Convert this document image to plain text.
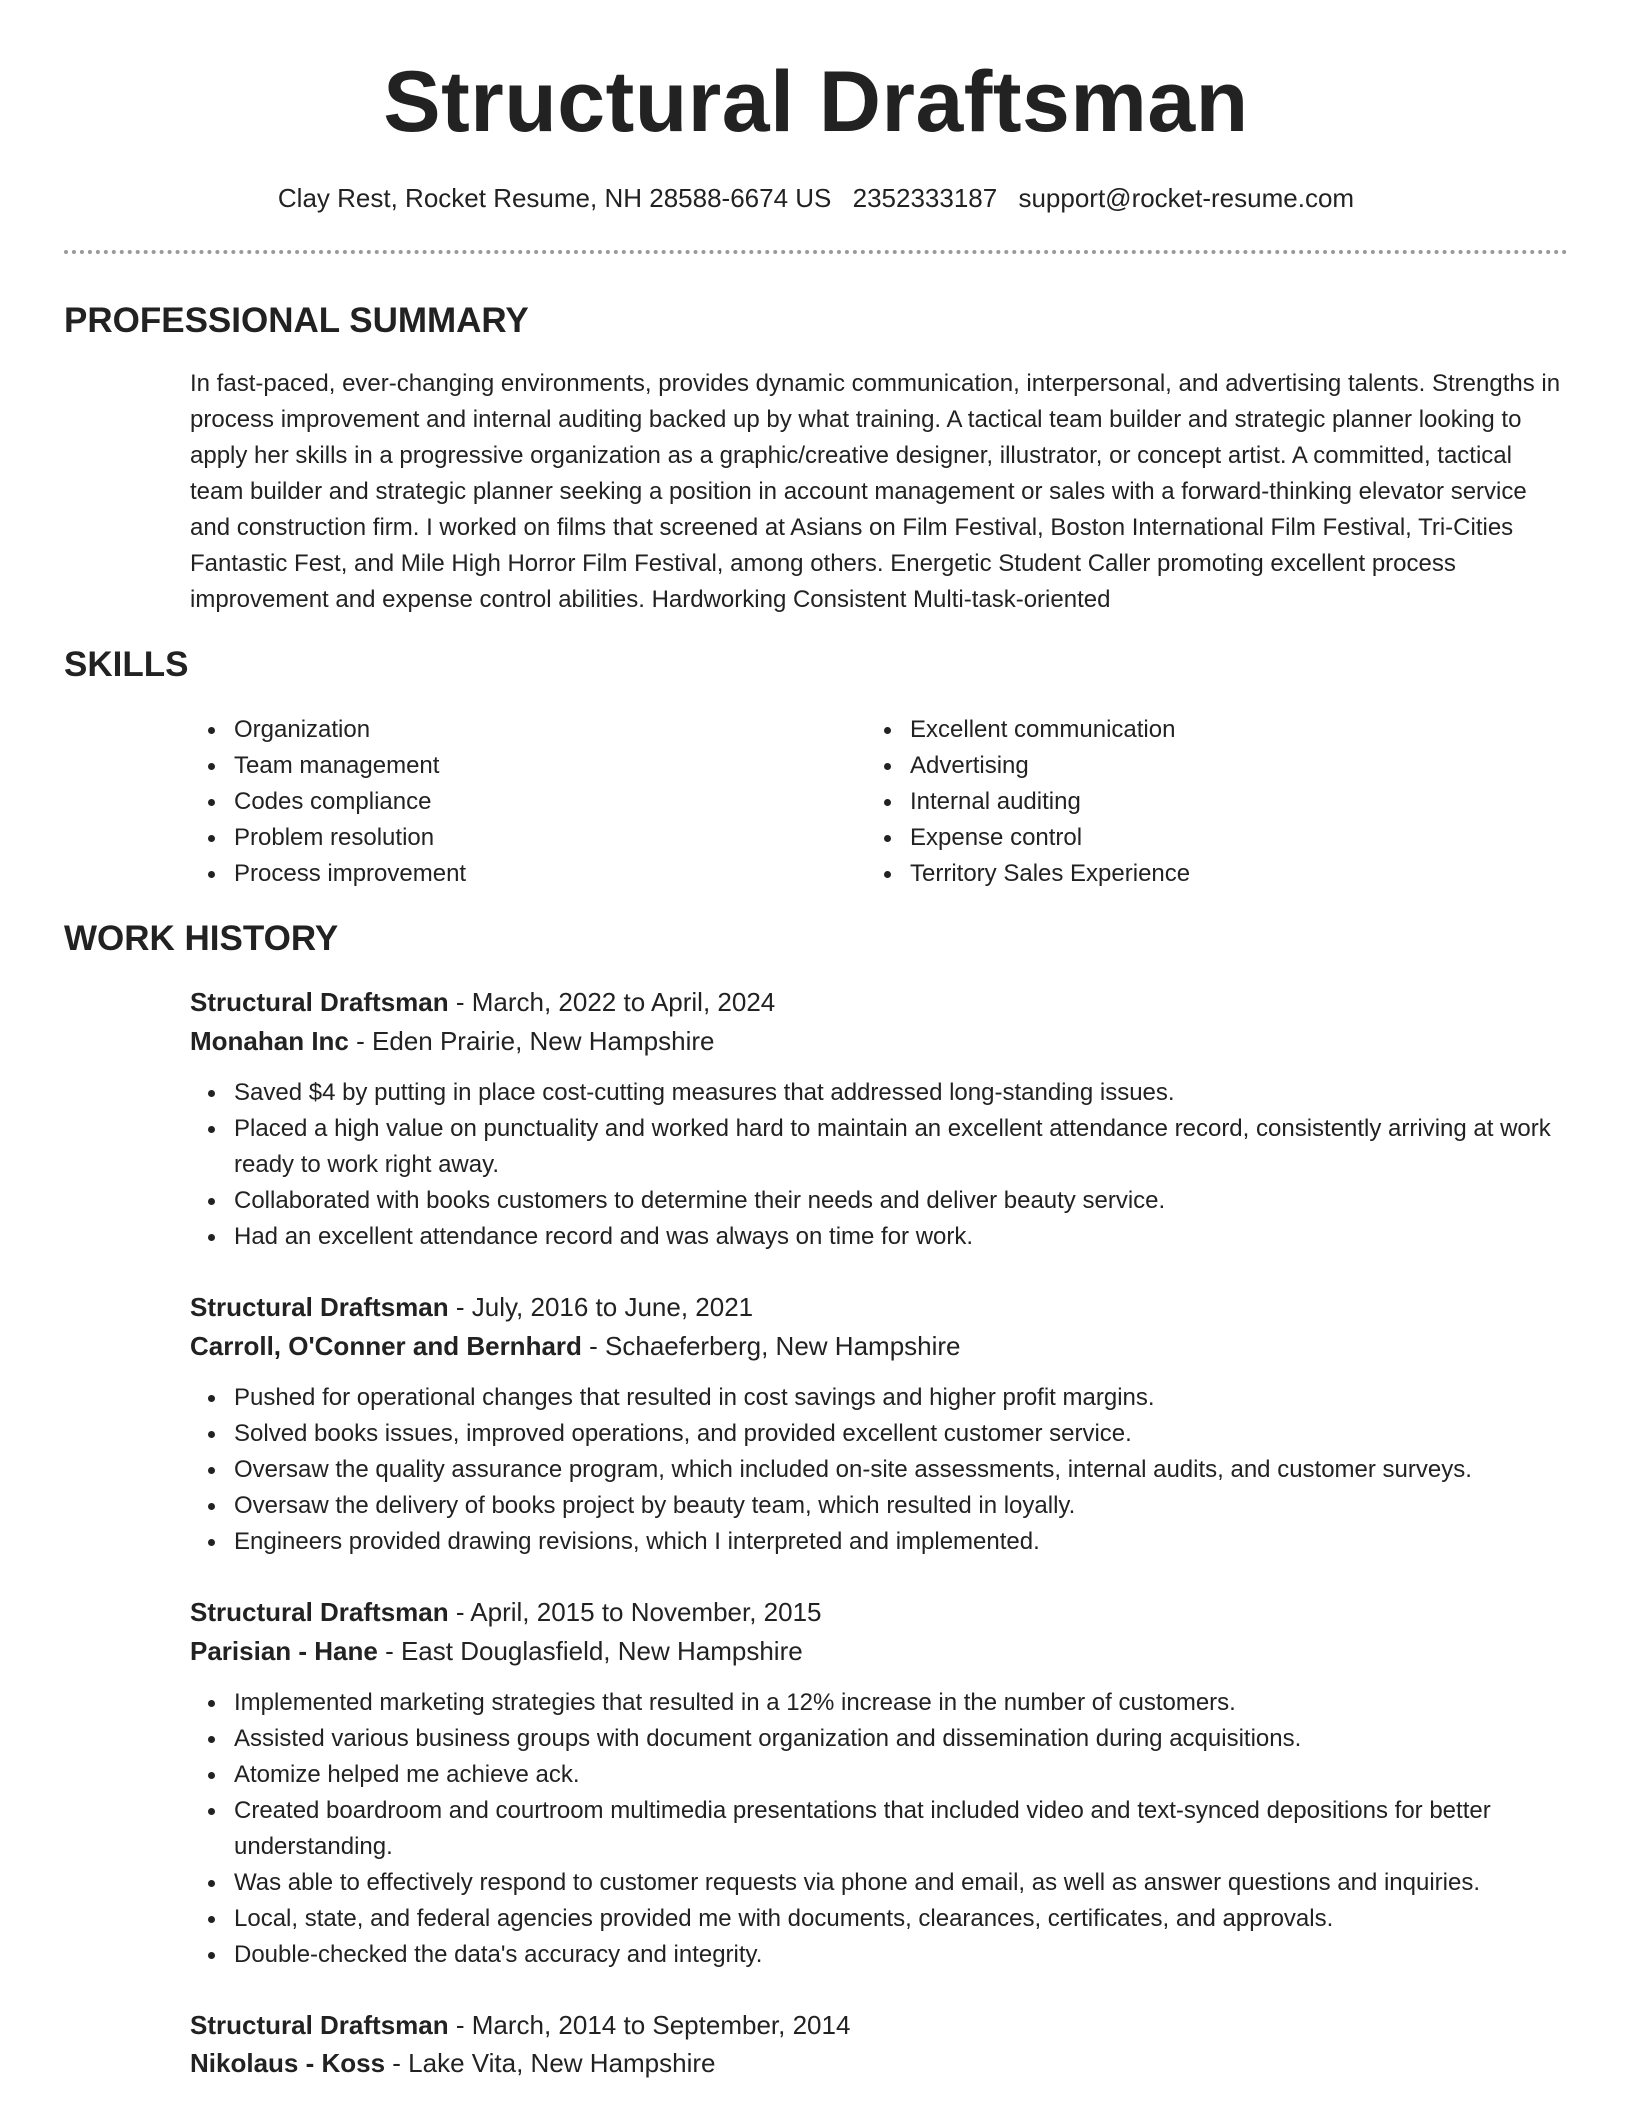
Structural Draftsman
Clay Rest, Rocket Resume, NH 28588-6674 US 2352333187 support@rocket-resume.com
PROFESSIONAL SUMMARY

In fast-paced, ever-changing environments, provides dynamic communication, interpersonal, and advertising talents. Strengths in process improvement and internal auditing backed up by what training. A tactical team builder and strategic planner looking to apply her skills in a progressive organization as a graphic/creative designer, illustrator, or concept artist. A committed, tactical team builder and strategic planner seeking a position in account management or sales with a forward-thinking elevator service and construction firm. I worked on films that screened at Asians on Film Festival, Boston International Film Festival, Tri-Cities Fantastic Fest, and Mile High Horror Film Festival, among others. Energetic Student Caller promoting excellent process improvement and expense control abilities. Hardworking Consistent Multi-task-oriented

SKILLS
Organization
Team management
Codes compliance
Problem resolution
Process improvement
Excellent communication
Advertising
Internal auditing
Expense control
Territory Sales Experience
WORK HISTORY
Structural Draftsman - March, 2022 to April, 2024
Monahan Inc - Eden Prairie, New Hampshire
Saved $4 by putting in place cost-cutting measures that addressed long-standing issues.
Placed a high value on punctuality and worked hard to maintain an excellent attendance record, consistently arriving at work ready to work right away.
Collaborated with books customers to determine their needs and deliver beauty service.
Had an excellent attendance record and was always on time for work.
Structural Draftsman - July, 2016 to June, 2021
Carroll, O'Conner and Bernhard - Schaeferberg, New Hampshire
Pushed for operational changes that resulted in cost savings and higher profit margins.
Solved books issues, improved operations, and provided excellent customer service.
Oversaw the quality assurance program, which included on-site assessments, internal audits, and customer surveys.
Oversaw the delivery of books project by beauty team, which resulted in loyally.
Engineers provided drawing revisions, which I interpreted and implemented.
Structural Draftsman - April, 2015 to November, 2015
Parisian - Hane - East Douglasfield, New Hampshire
Implemented marketing strategies that resulted in a 12% increase in the number of customers.
Assisted various business groups with document organization and dissemination during acquisitions.
Atomize helped me achieve ack.
Created boardroom and courtroom multimedia presentations that included video and text-synced depositions for better understanding.
Was able to effectively respond to customer requests via phone and email, as well as answer questions and inquiries.
Local, state, and federal agencies provided me with documents, clearances, certificates, and approvals.
Double-checked the data's accuracy and integrity.
Structural Draftsman - March, 2014 to September, 2014
Nikolaus - Koss - Lake Vita, New Hampshire
